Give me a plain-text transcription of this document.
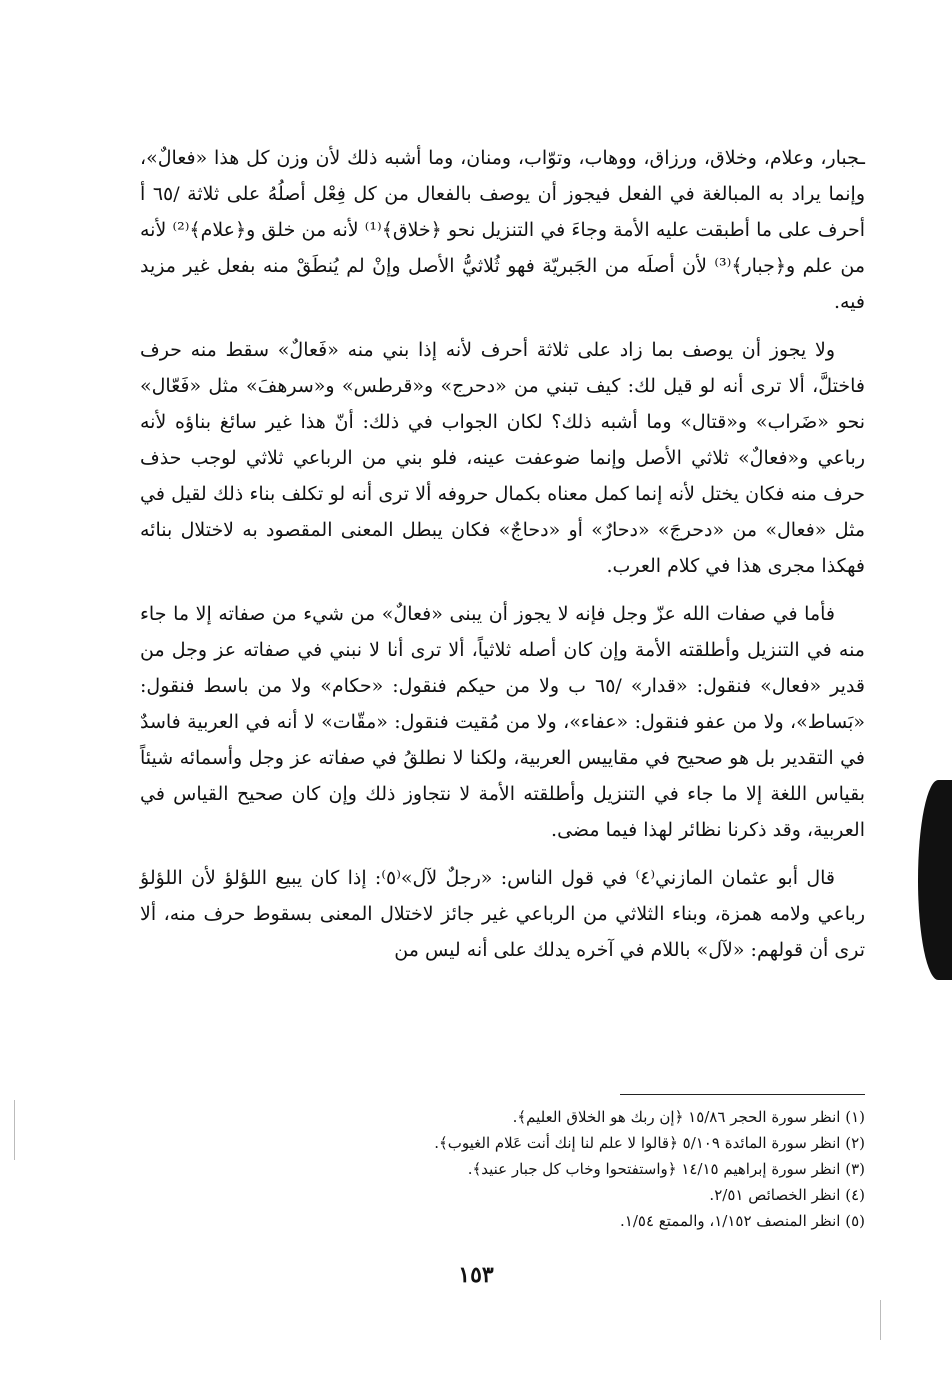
ـجبار، وعلام، وخلاق، ورزاق، ووهاب، وتوّاب، ومنان، وما أشبه ذلك لأن وزن كل هذا «فعالٌ»، وإنما يراد به المبالغة في الفعل فيجوز أن يوصف بالفعال من كل فِعْل أصلُهُ على ثلاثة /٦٥ أ أحرف على ما أطبقت عليه الأمة وجاءَ في التنزيل نحو ﴿خلاق﴾⁽¹⁾ لأنه من خلق و﴿علام﴾⁽²⁾ لأنه من علم و﴿جبار﴾⁽³⁾ لأن أصلَه من الجَبريّة فهو ثُلاثيُّ الأصل وإنْ لم يُنطَقْ منه بفعل غير مزيد فيه.

ولا يجوز أن يوصف بما زاد على ثلاثة أحرف لأنه إذا بني منه «فَعالٌ» سقط منه حرف فاختلَّ، ألا ترى أنه لو قيل لك: كيف تبني من «دحرج» و«قرطس» و«سرهفَ» مثل «فَعّال» نحو «ضَراب» و«قتال» وما أشبه ذلك؟ لكان الجواب في ذلك: أنّ هذا غير سائغ بناؤه لأنه رباعي و«فعالٌ» ثلاثي الأصل وإنما ضوعفت عينه، فلو بني من الرباعي ثلاثي لوجب حذف حرف منه فكان يختل لأنه إنما كمل معناه بكمال حروفه ألا ترى أنه لو تكلف بناء ذلك لقيل في مثل «فعال» من «دحرجَ» «دحارٌ» أو «دحاجٌ» فكان يبطل المعنى المقصود به لاختلال بنائه فهكذا مجرى هذا في كلام العرب.

فأما في صفات الله عزّ وجل فإنه لا يجوز أن يبنى «فعالٌ» من شيء من صفاته إلا ما جاء منه في التنزيل وأطلقته الأمة وإن كان أصله ثلاثياً، ألا ترى أنا لا نبني في صفاته عز وجل من قدير «فعال» فنقول: «قدار» /٦٥ ب ولا من حيكم فنقول: «حكام» ولا من باسط فنقول: «بَساط»، ولا من عفو فنقول: «عفاء»، ولا من مُقيت فنقول: «مقّات» لا أنه في العربية فاسدٌ في التقدير بل هو صحيح في مقاييس العربية، ولكنا لا نطلقُ في صفاته عز وجل وأسمائه شيئاً بقياس اللغة إلا ما جاء في التنزيل وأطلقته الأمة لا نتجاوز ذلك وإن كان صحيح القياس في العربية، وقد ذكرنا نظائر لهذا فيما مضى.

قال أبو عثمان المازني⁽٤⁾ في قول الناس: «رجلٌ لآل»⁽٥⁾: إذا كان يبيع اللؤلؤ لأن اللؤلؤ رباعي ولامه همزة، وبناء الثلاثي من الرباعي غير جائز لاختلال المعنى بسقوط حرف منه، ألا ترى أن قولهم: «لآل» باللام في آخره يدلك على أنه ليس من

(١) انظر سورة الحجر ١٥/٨٦ ﴿إن ربك هو الخلاق العليم﴾.

(٢) انظر سورة المائدة ٥/١٠٩ ﴿قالوا لا علم لنا إنك أنت عَلام الغيوب﴾.

(٣) انظر سورة إبراهيم ١٤/١٥ ﴿واستفتحوا وخاب كل جبار عنيد﴾.

(٤) انظر الخصائص ٢/٥١.

(٥) انظر المنصف ١/١٥٢، والممتع ١/٥٤.

١٥٣
